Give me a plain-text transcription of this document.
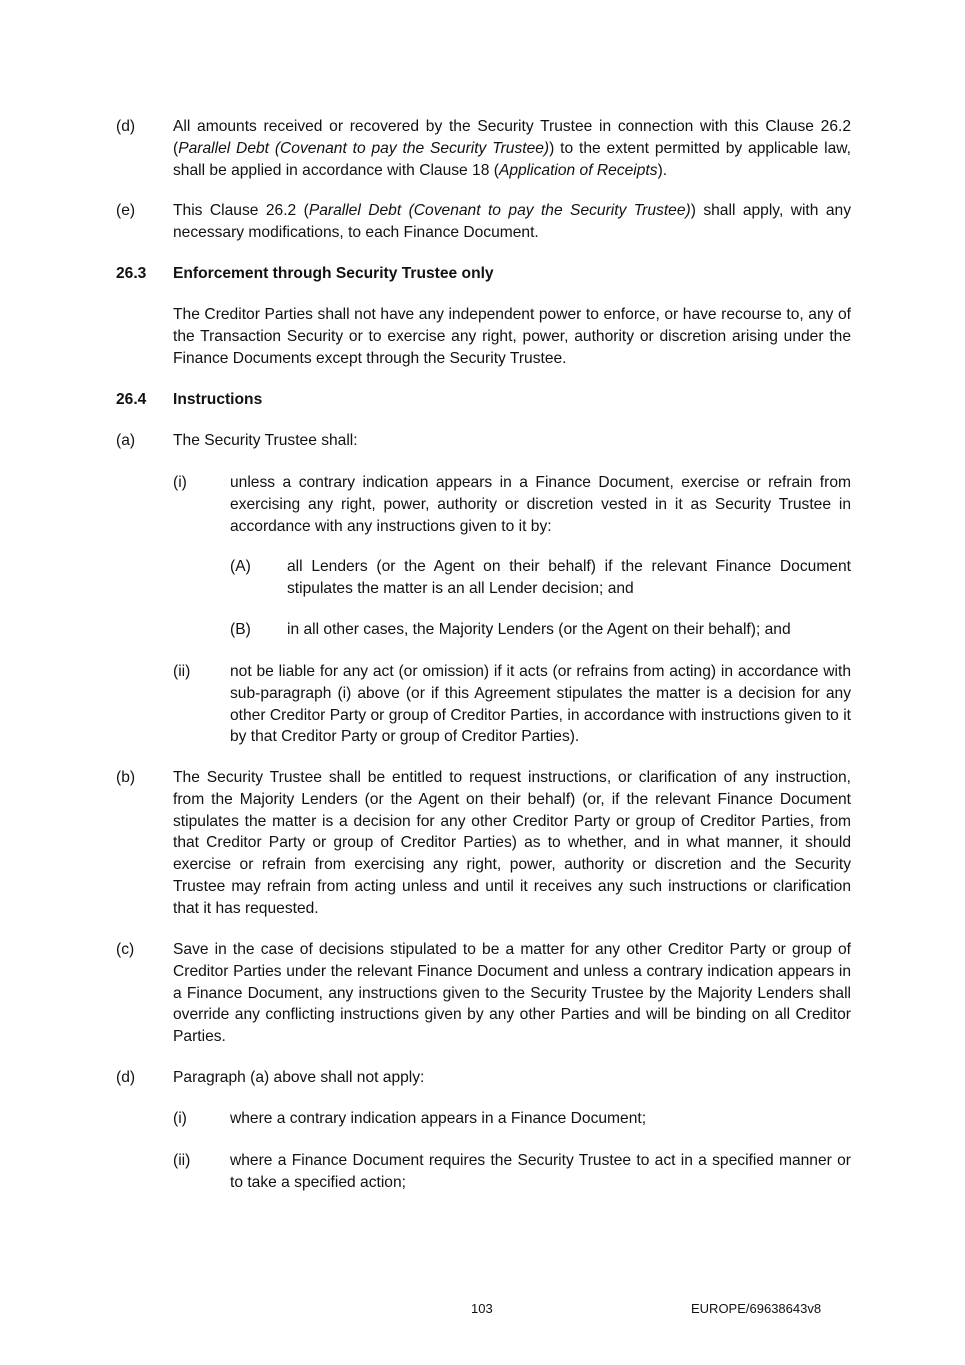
(d) All amounts received or recovered by the Security Trustee in connection with this Clause 26.2 (Parallel Debt (Covenant to pay the Security Trustee)) to the extent permitted by applicable law, shall be applied in accordance with Clause 18 (Application of Receipts).
(e) This Clause 26.2 (Parallel Debt (Covenant to pay the Security Trustee)) shall apply, with any necessary modifications, to each Finance Document.
26.3 Enforcement through Security Trustee only
The Creditor Parties shall not have any independent power to enforce, or have recourse to, any of the Transaction Security or to exercise any right, power, authority or discretion arising under the Finance Documents except through the Security Trustee.
26.4 Instructions
(a) The Security Trustee shall:
(i)	unless a contrary indication appears in a Finance Document, exercise or refrain from exercising any right, power, authority or discretion vested in it as Security Trustee in accordance with any instructions given to it by:
(A) all Lenders (or the Agent on their behalf) if the relevant Finance Document stipulates the matter is an all Lender decision; and
(B) in all other cases, the Majority Lenders (or the Agent on their behalf); and
(ii)	not be liable for any act (or omission) if it acts (or refrains from acting) in accordance with sub-paragraph (i) above (or if this Agreement stipulates the matter is a decision for any other Creditor Party or group of Creditor Parties, in accordance with instructions given to it by that Creditor Party or group of Creditor Parties).
(b) The Security Trustee shall be entitled to request instructions, or clarification of any instruction, from the Majority Lenders (or the Agent on their behalf) (or, if the relevant Finance Document stipulates the matter is a decision for any other Creditor Party or group of Creditor Parties, from that Creditor Party or group of Creditor Parties) as to whether, and in what manner, it should exercise or refrain from exercising any right, power, authority or discretion and the Security Trustee may refrain from acting unless and until it receives any such instructions or clarification that it has requested.
(c) Save in the case of decisions stipulated to be a matter for any other Creditor Party or group of Creditor Parties under the relevant Finance Document and unless a contrary indication appears in a Finance Document, any instructions given to the Security Trustee by the Majority Lenders shall override any conflicting instructions given by any other Parties and will be binding on all Creditor Parties.
(d) Paragraph (a) above shall not apply:
(i)	where a contrary indication appears in a Finance Document;
(ii)	where a Finance Document requires the Security Trustee to act in a specified manner or to take a specified action;
103	EUROPE/69638643v8
